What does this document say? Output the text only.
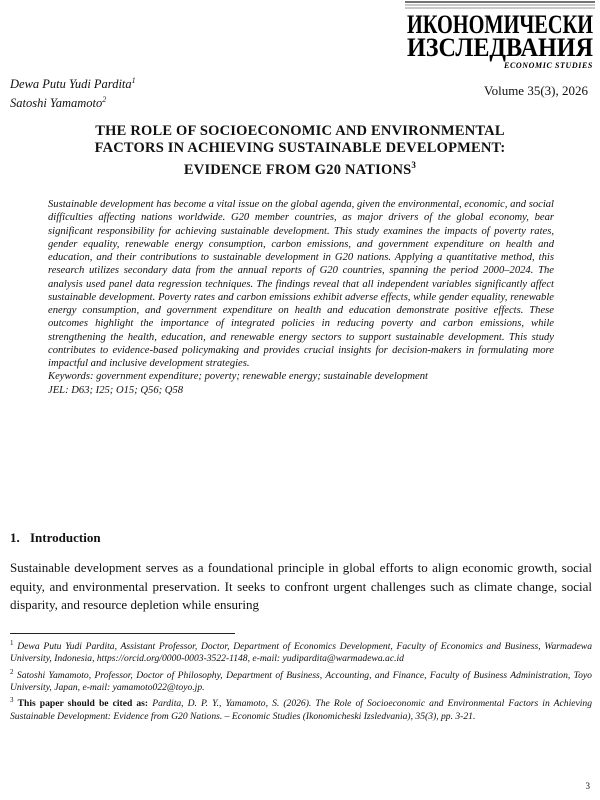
ИКОНОМИЧЕСКИ
ИЗСЛЕДВАНИЯ
ECONOMIC STUDIES
Dewa Putu Yudi Pardita$^1$
Satoshi Yamamoto$^2$
Volume 35(3), 2026
THE ROLE OF SOCIOECONOMIC AND ENVIRONMENTAL
FACTORS IN ACHIEVING SUSTAINABLE DEVELOPMENT:
EVIDENCE FROM G20 NATIONS$^3$

Sustainable development has become a vital issue on the global agenda, given the environmental, economic, and social difficulties affecting nations worldwide. G20 member countries, as major drivers of the global economy, bear significant responsibility for achieving sustainable development. This study examines the impacts of poverty rates, gender equality, renewable energy consumption, carbon emissions, and government expenditure on health and education, and their contributions to sustainable development in G20 nations. Applying a quantitative method, this research utilizes secondary data from the annual reports of G20 countries, spanning the period 2000–2024. The analysis used panel data regression techniques. The findings reveal that all independent variables significantly affect sustainable development. Poverty rates and carbon emissions exhibit adverse effects, while gender equality, renewable energy consumption, and government expenditure on health and education demonstrate positive effects. These outcomes highlight the importance of integrated policies in reducing poverty and carbon emissions, while strengthening the health, education, and renewable energy sectors to support sustainable development. This study contributes to evidence-based policymaking and provides crucial insights for decision-makers in formulating more impactful and inclusive development strategies.

Keywords: government expenditure; poverty; renewable energy; sustainable development

JEL: D63; I25; O15; Q56; Q58

1. Introduction

Sustainable development serves as a foundational principle in global efforts to align economic growth, social equity, and environmental preservation. It seeks to confront urgent challenges such as climate change, social disparity, and resource depletion while ensuring

$^1$ Dewa Putu Yudi Pardita, Assistant Professor, Doctor, Department of Economics Development, Faculty of Economics and Business, Warmadewa University, Indonesia, https://orcid.org/0000-0003-3522-1148, e-mail: yudipardita@warmadewa.ac.id

$^2$ Satoshi Yamamoto, Professor, Doctor of Philosophy, Department of Business, Accounting, and Finance, Faculty of Business Administration, Toyo University, Japan, e-mail: yamamoto022@toyo.jp.

$^3$ This paper should be cited as: Pardita, D. P. Y., Yamamoto, S. (2026). The Role of Socioeconomic and Environmental Factors in Achieving Sustainable Development: Evidence from G20 Nations. – Economic Studies (Ikonomicheski Izsledvania), 35(3), pp. 3-21.

3
